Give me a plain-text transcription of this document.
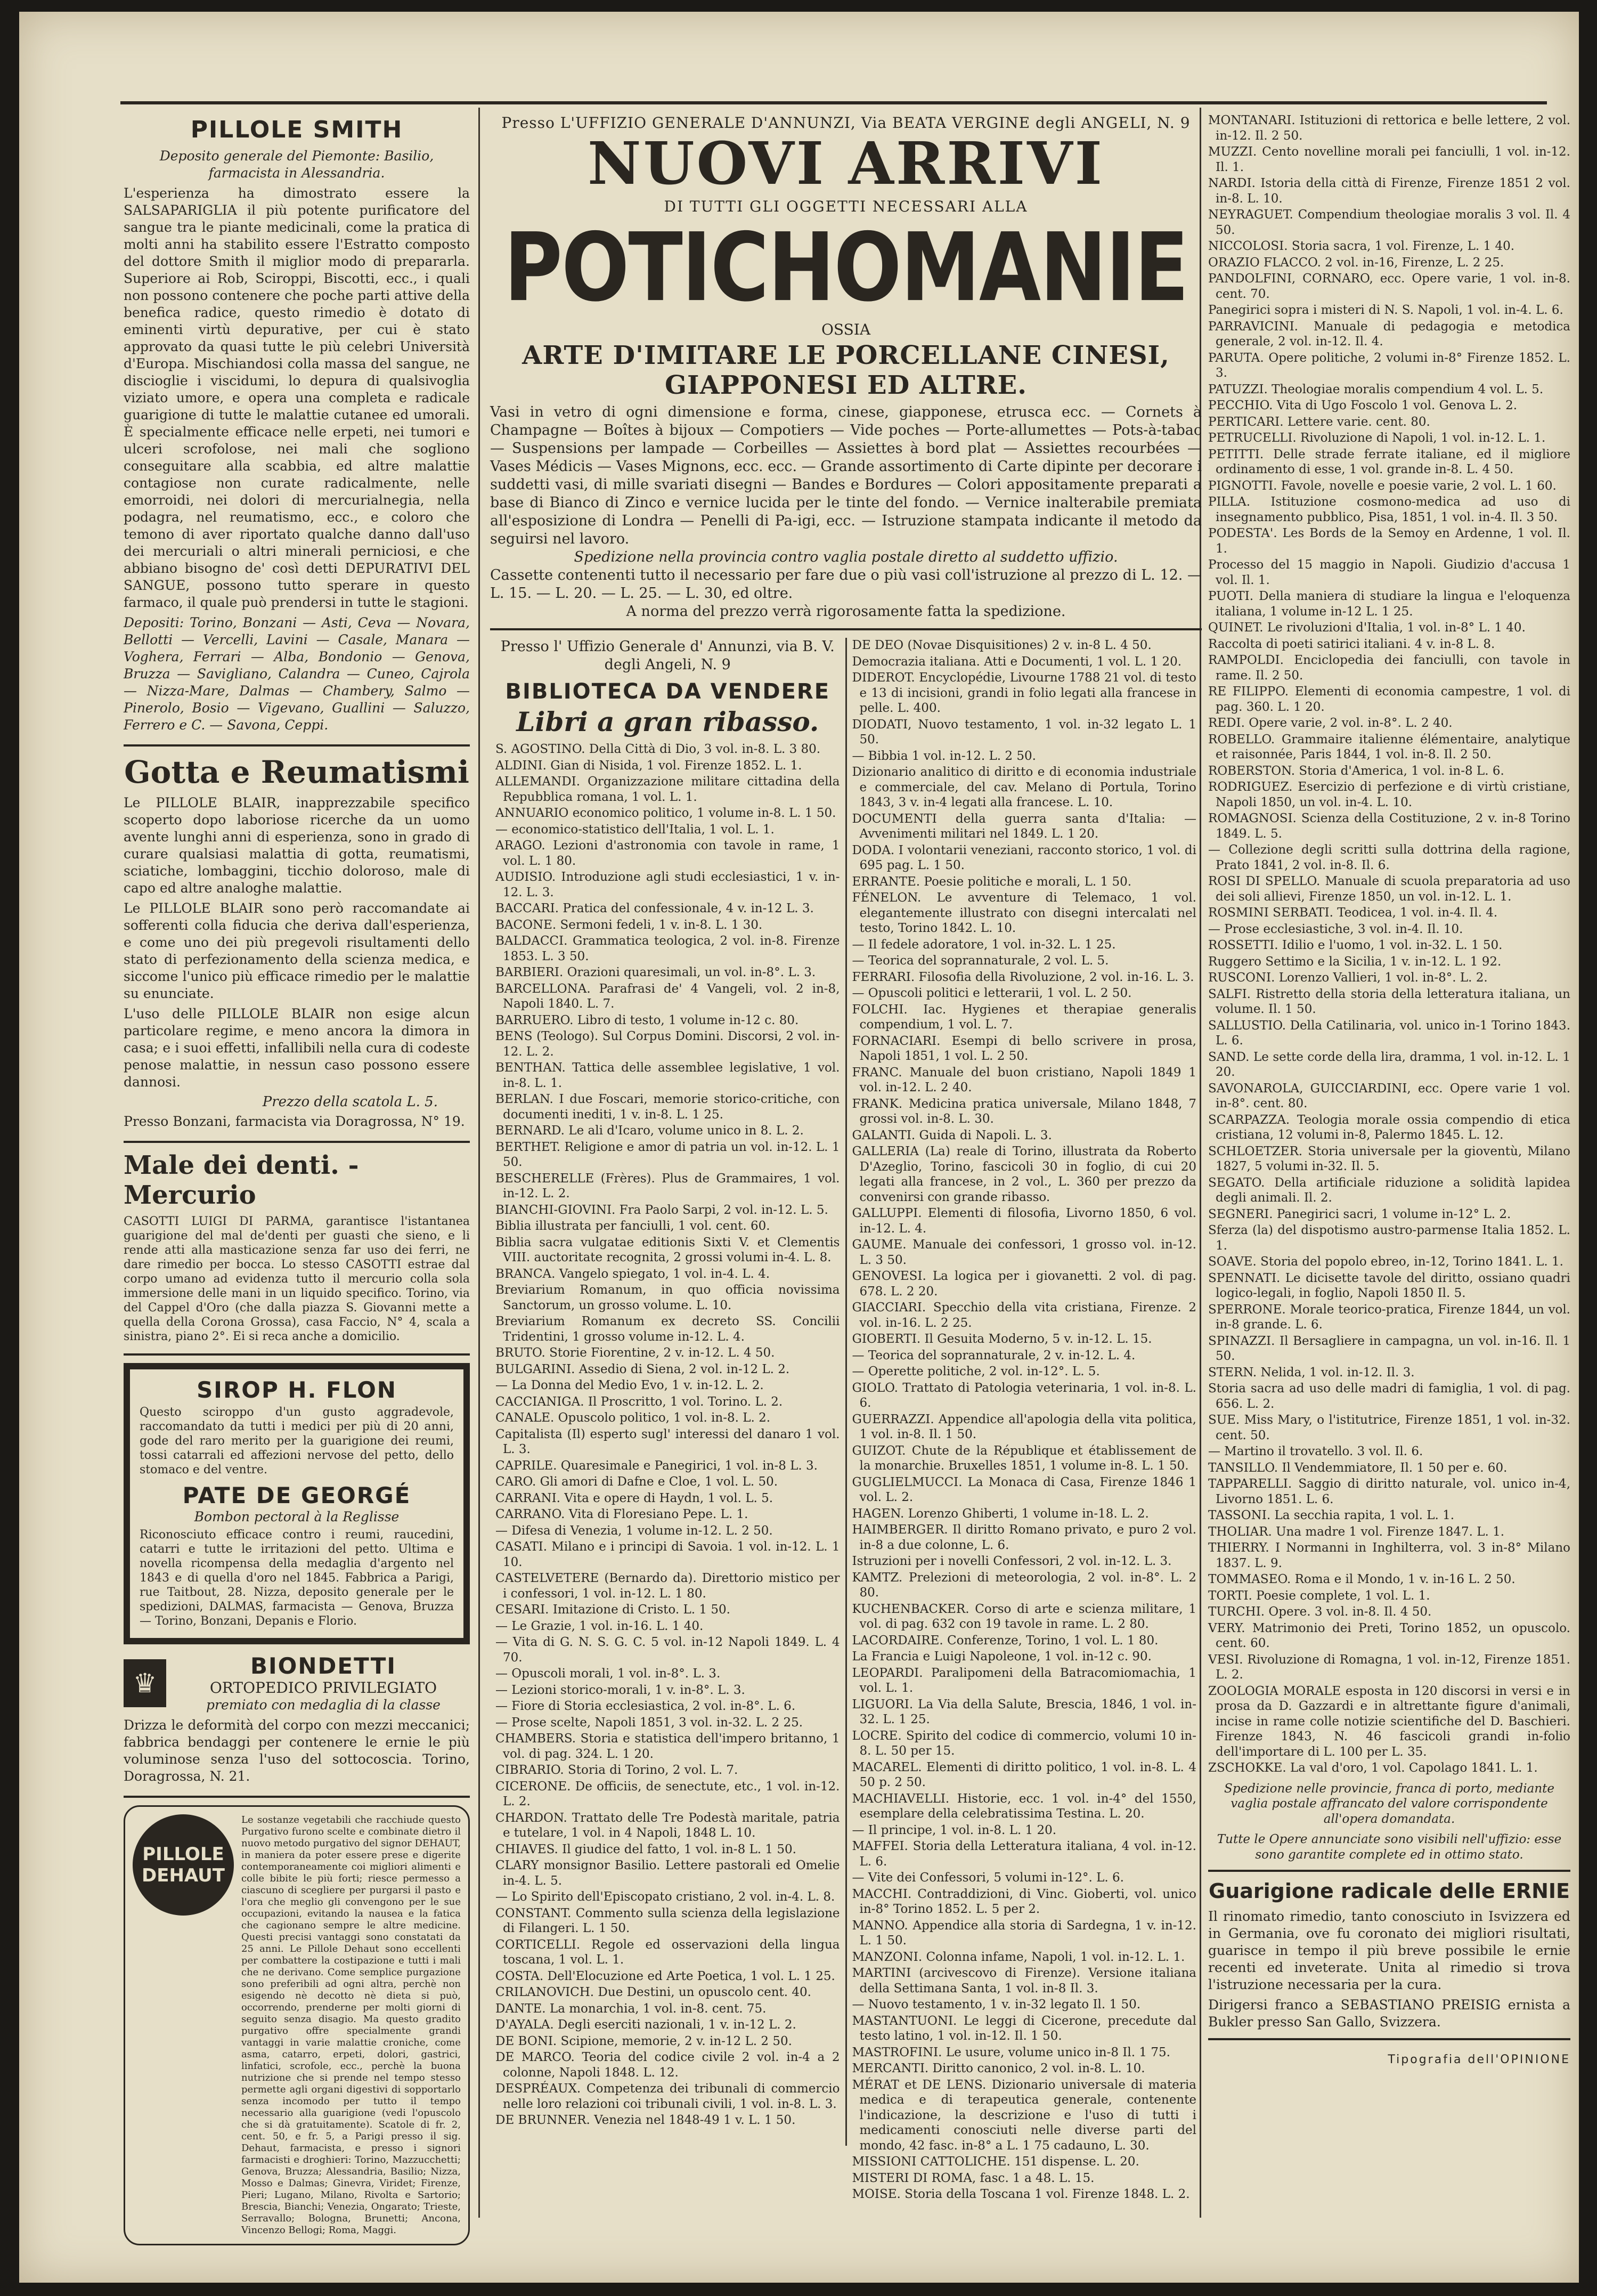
PILLOLE SMITH
Deposito generale del Piemonte: Basilio, farmacista in Alessandria.
L'esperienza ha dimostrato essere la SALSAPARIGLIA il più potente purificatore del sangue tra le piante medicinali, come la pratica di molti anni ha stabilito essere l'Estratto composto del dottore Smith il miglior modo di prepararla. Superiore ai Rob, Sciroppi, Biscotti, ecc., i quali non possono contenere che poche parti attive della benefica radice, questo rimedio è dotato di eminenti virtù depurative, per cui è stato approvato da quasi tutte le più celebri Università d'Europa. Mischiandosi colla massa del sangue, ne discioglie i viscidumi, lo depura di qualsivoglia viziato umore, e opera una completa e radicale guarigione di tutte le malattie cutanee ed umorali. È specialmente efficace nelle erpeti, nei tumori e ulceri scrofolose, nei mali che sogliono conseguitare alla scabbia, ed altre malattie contagiose non curate radicalmente, nelle emorroidi, nei dolori di mercurialnegia, nella podagra, nel reumatismo, ecc., e coloro che temono di aver riportato qualche danno dall'uso dei mercuriali o altri minerali perniciosi, e che abbiano bisogno de' così detti DEPURATIVI DEL SANGUE, possono tutto sperare in questo farmaco, il quale può prendersi in tutte le stagioni.
Depositi: Torino, Bonzani — Asti, Ceva — Novara, Bellotti — Vercelli, Lavini — Casale, Manara — Voghera, Ferrari — Alba, Bondonio — Genova, Bruzza — Savigliano, Calandra — Cuneo, Cajrola — Nizza-Mare, Dalmas — Chambery, Salmo — Pinerolo, Bosio — Vigevano, Guallini — Saluzzo, Ferrero e C. — Savona, Ceppi.
Gotta e Reumatismi
Le PILLOLE BLAIR, inapprezzabile specifico scoperto dopo laboriose ricerche da un uomo avente lunghi anni di esperienza, sono in grado di curare qualsiasi malattia di gotta, reumatismi, sciatiche, lombaggini, ticchio doloroso, male di capo ed altre analoghe malattie.
Le PILLOLE BLAIR sono però raccomandate ai sofferenti colla fiducia che deriva dall'esperienza, e come uno dei più pregevoli risultamenti dello stato di perfezionamento della scienza medica, e siccome l'unico più efficace rimedio per le malattie su enunciate.
L'uso delle PILLOLE BLAIR non esige alcun particolare regime, e meno ancora la dimora in casa; e i suoi effetti, infallibili nella cura di codeste penose malattie, in nessun caso possono essere dannosi.
Prezzo della scatola L. 5.
Presso Bonzani, farmacista via Doragrossa, N° 19.
Male dei denti. - Mercurio
CASOTTI LUIGI DI PARMA, garantisce l'istantanea guarigione del mal de'denti per guasti che sieno, e li rende atti alla masticazione senza far uso dei ferri, ne dare rimedio per bocca. Lo stesso CASOTTI estrae dal corpo umano ad evidenza tutto il mercurio colla sola immersione delle mani in un liquido specifico. Torino, via del Cappel d'Oro (che dalla piazza S. Giovanni mette a quella della Corona Grossa), casa Faccio, N° 4, scala a sinistra, piano 2°. Ei si reca anche a domicilio.
SIROP H. FLON
Questo sciroppo d'un gusto aggradevole, raccomandato da tutti i medici per più di 20 anni, gode del raro merito per la guarigione dei reumi, tossi catarrali ed affezioni nervose del petto, dello stomaco e del ventre.
PATE DE GEORGÉ
Bombon pectoral à la Reglisse
Riconosciuto efficace contro i reumi, raucedini, catarri e tutte le irritazioni del petto. Ultima e novella ricompensa della medaglia d'argento nel 1843 e di quella d'oro nel 1845. Fabbrica a Parigi, rue Taitbout, 28. Nizza, deposito generale per le spedizioni, DALMAS, farmacista — Genova, Bruzza — Torino, Bonzani, Depanis e Florio.
♛
BIONDETTI
ORTOPEDICO PRIVILEGIATO
premiato con medaglia di la classe
Drizza le deformità del corpo con mezzi meccanici; fabbrica bendaggi per contenere le ernie le più voluminose senza l'uso del sottocoscia. Torino, Doragrossa, N. 21.
PILLOLE
DEHAUT
Le sostanze vegetabili che racchiude questo Purgativo furono scelte e combinate dietro il nuovo metodo purgativo del signor DEHAUT, in maniera da poter essere prese e digerite contemporaneamente coi migliori alimenti e colle bibite le più forti; riesce permesso a ciascuno di scegliere per purgarsi il pasto e l'ora che meglio gli convengono per le sue occupazioni, evitando la nausea e la fatica che cagionano sempre le altre medicine. Questi precisi vantaggi sono constatati da 25 anni. Le Pillole Dehaut sono eccellenti per combattere la costipazione e tutti i mali che ne derivano. Come semplice purgazione sono preferibili ad ogni altra, perchè non esigendo nè decotto nè dieta si può, occorrendo, prenderne per molti giorni di seguito senza disagio. Ma questo gradito purgativo offre specialmente grandi vantaggi in varie malattie croniche, come asma, catarro, erpeti, dolori, gastrici, linfatici, scrofole, ecc., perchè la buona nutrizione che si prende nel tempo stesso permette agli organi digestivi di sopportarlo senza incomodo per tutto il tempo necessario alla guarigione (vedi l'opuscolo che si dà gratuitamente). Scatole di fr. 2, cent. 50, e fr. 5, a Parigi presso il sig. Dehaut, farmacista, e presso i signori farmacisti e droghieri: Torino, Mazzucchetti; Genova, Bruzza; Alessandria, Basilio; Nizza, Mosso e Dalmas; Ginevra, Viridet; Firenze, Pieri; Lugano, Milano, Rivolta e Sartorio; Brescia, Bianchi; Venezia, Ongarato; Trieste, Serravallo; Bologna, Brunetti; Ancona, Vincenzo Bellogi; Roma, Maggi.
Presso L'UFFIZIO GENERALE D'ANNUNZI, Via BEATA VERGINE degli ANGELI, N. 9
NUOVI ARRIVI
DI TUTTI GLI OGGETTI NECESSARI ALLA
POTICHOMANIE
OSSIA
ARTE D'IMITARE LE PORCELLANE CINESI, GIAPPONESI ED ALTRE.
Vasi in vetro di ogni dimensione e forma, cinese, giapponese, etrusca ecc. — Cornets à Champagne — Boîtes à bijoux — Compotiers — Vide poches — Porte-allumettes — Pots-à-tabac — Suspensions per lampade — Corbeilles — Assiettes à bord plat — Assiettes recourbées — Vases Médicis — Vases Mignons, ecc. ecc. — Grande assortimento di Carte dipinte per decorare i suddetti vasi, di mille svariati disegni — Bandes e Bordures — Colori appositamente preparati a base di Bianco di Zinco e vernice lucida per le tinte del fondo. — Vernice inalterabile premiata all'esposizione di Londra — Penelli di Pa-igi, ecc. — Istruzione stampata indicante il metodo da seguirsi nel lavoro.
Spedizione nella provincia contro vaglia postale diretto al suddetto uffizio.
Cassette contenenti tutto il necessario per fare due o più vasi coll'istruzione al prezzo di L. 12. — L. 15. — L. 20. — L. 25. — L. 30, ed oltre.
A norma del prezzo verrà rigorosamente fatta la spedizione.
Presso l' Uffizio Generale d' Annunzi, via B. V. degli Angeli, N. 9
BIBLIOTECA DA VENDERE
Libri a gran ribasso.
S. AGOSTINO. Della Città di Dio, 3 vol. in-8. L. 3 80.
ALDINI. Gian di Nisida, 1 vol. Firenze 1852. L. 1.
ALLEMANDI. Organizzazione militare cittadina della Repubblica romana, 1 vol. L. 1.
ANNUARIO economico politico, 1 volume in-8. L. 1 50.
— economico-statistico dell'Italia, 1 vol. L. 1.
ARAGO. Lezioni d'astronomia con tavole in rame, 1 vol. L. 1 80.
AUDISIO. Introduzione agli studi ecclesiastici, 1 v. in-12. L. 3.
BACCARI. Pratica del confessionale, 4 v. in-12 L. 3.
BACONE. Sermoni fedeli, 1 v. in-8. L. 1 30.
BALDACCI. Grammatica teologica, 2 vol. in-8. Firenze 1853. L. 3 50.
BARBIERI. Orazioni quaresimali, un vol. in-8°. L. 3.
BARCELLONA. Parafrasi de' 4 Vangeli, vol. 2 in-8, Napoli 1840. L. 7.
BARRUERO. Libro di testo, 1 volume in-12 c. 80.
BENS (Teologo). Sul Corpus Domini. Discorsi, 2 vol. in-12. L. 2.
BENTHAN. Tattica delle assemblee legislative, 1 vol. in-8. L. 1.
BERLAN. I due Foscari, memorie storico-critiche, con documenti inediti, 1 v. in-8. L. 1 25.
BERNARD. Le ali d'Icaro, volume unico in 8. L. 2.
BERTHET. Religione e amor di patria un vol. in-12. L. 1 50.
BESCHERELLE (Frères). Plus de Grammaires, 1 vol. in-12. L. 2.
BIANCHI-GIOVINI. Fra Paolo Sarpi, 2 vol. in-12. L. 5.
Biblia illustrata per fanciulli, 1 vol. cent. 60.
Biblia sacra vulgatae editionis Sixti V. et Clementis VIII. auctoritate recognita, 2 grossi volumi in-4. L. 8.
BRANCA. Vangelo spiegato, 1 vol. in-4. L. 4.
Breviarium Romanum, in quo officia novissima Sanctorum, un grosso volume. L. 10.
Breviarium Romanum ex decreto SS. Concilii Tridentini, 1 grosso volume in-12. L. 4.
BRUTO. Storie Fiorentine, 2 v. in-12. L. 4 50.
BULGARINI. Assedio di Siena, 2 vol. in-12 L. 2.
— La Donna del Medio Evo, 1 v. in-12. L. 2.
CACCIANIGA. Il Proscritto, 1 vol. Torino. L. 2.
CANALE. Opuscolo politico, 1 vol. in-8. L. 2.
Capitalista (Il) esperto sugl' interessi del danaro 1 vol. L. 3.
CAPRILE. Quaresimale e Panegirici, 1 vol. in-8 L. 3.
CARO. Gli amori di Dafne e Cloe, 1 vol. L. 50.
CARRANI. Vita e opere di Haydn, 1 vol. L. 5.
CARRANO. Vita di Floresiano Pepe. L. 1.
— Difesa di Venezia, 1 volume in-12. L. 2 50.
CASATI. Milano e i principi di Savoia. 1 vol. in-12. L. 1 10.
CASTELVETERE (Bernardo da). Direttorio mistico per i confessori, 1 vol. in-12. L. 1 80.
CESARI. Imitazione di Cristo. L. 1 50.
— Le Grazie, 1 vol. in-16. L. 1 40.
— Vita di G. N. S. G. C. 5 vol. in-12 Napoli 1849. L. 4 70.
— Opuscoli morali, 1 vol. in-8°. L. 3.
— Lezioni storico-morali, 1 v. in-8°. L. 3.
— Fiore di Storia ecclesiastica, 2 vol. in-8°. L. 6.
— Prose scelte, Napoli 1851, 3 vol. in-32. L. 2 25.
CHAMBERS. Storia e statistica dell'impero britanno, 1 vol. di pag. 324. L. 1 20.
CIBRARIO. Storia di Torino, 2 vol. L. 7.
CICERONE. De officiis, de senectute, etc., 1 vol. in-12. L. 2.
CHARDON. Trattato delle Tre Podestà maritale, patria e tutelare, 1 vol. in 4 Napoli, 1848 L. 10.
CHIAVES. Il giudice del fatto, 1 vol. in-8 L. 1 50.
CLARY monsignor Basilio. Lettere pastorali ed Omelie in-4. L. 5.
— Lo Spirito dell'Episcopato cristiano, 2 vol. in-4. L. 8.
CONSTANT. Commento sulla scienza della legislazione di Filangeri. L. 1 50.
CORTICELLI. Regole ed osservazioni della lingua toscana, 1 vol. L. 1.
COSTA. Dell'Elocuzione ed Arte Poetica, 1 vol. L. 1 25.
CRILANOVICH. Due Destini, un opuscolo cent. 40.
DANTE. La monarchia, 1 vol. in-8. cent. 75.
D'AYALA. Degli eserciti nazionali, 1 v. in-12 L. 2.
DE BONI. Scipione, memorie, 2 v. in-12 L. 2 50.
DE MARCO. Teoria del codice civile 2 vol. in-4 a 2 colonne, Napoli 1848. L. 12.
DESPRÉAUX. Competenza dei tribunali di commercio nelle loro relazioni coi tribunali civili, 1 vol. in-8. L. 3.
DE BRUNNER. Venezia nel 1848-49 1 v. L. 1 50.
DE DEO (Novae Disquisitiones) 2 v. in-8 L. 4 50.
Democrazia italiana. Atti e Documenti, 1 vol. L. 1 20.
DIDEROT. Encyclopédie, Livourne 1788 21 vol. di testo e 13 di incisioni, grandi in folio legati alla francese in pelle. L. 400.
DIODATI, Nuovo testamento, 1 vol. in-32 legato L. 1 50.
— Bibbia 1 vol. in-12. L. 2 50.
Dizionario analitico di diritto e di economia industriale e commerciale, del cav. Melano di Portula, Torino 1843, 3 v. in-4 legati alla francese. L. 10.
DOCUMENTI della guerra santa d'Italia: — Avvenimenti militari nel 1849. L. 1 20.
DODA. I volontarii veneziani, racconto storico, 1 vol. di 695 pag. L. 1 50.
ERRANTE. Poesie politiche e morali, L. 1 50.
FÉNELON. Le avventure di Telemaco, 1 vol. elegantemente illustrato con disegni intercalati nel testo, Torino 1842. L. 10.
— Il fedele adoratore, 1 vol. in-32. L. 1 25.
— Teorica del soprannaturale, 2 vol. L. 5.
FERRARI. Filosofia della Rivoluzione, 2 vol. in-16. L. 3.
— Opuscoli politici e letterarii, 1 vol. L. 2 50.
FOLCHI. Iac. Hygienes et therapiae generalis compendium, 1 vol. L. 7.
FORNACIARI. Esempi di bello scrivere in prosa, Napoli 1851, 1 vol. L. 2 50.
FRANC. Manuale del buon cristiano, Napoli 1849 1 vol. in-12. L. 2 40.
FRANK. Medicina pratica universale, Milano 1848, 7 grossi vol. in-8. L. 30.
GALANTI. Guida di Napoli. L. 3.
GALLERIA (La) reale di Torino, illustrata da Roberto D'Azeglio, Torino, fascicoli 30 in foglio, di cui 20 legati alla francese, in 2 vol., L. 360 per prezzo da convenirsi con grande ribasso.
GALLUPPI. Elementi di filosofia, Livorno 1850, 6 vol. in-12. L. 4.
GAUME. Manuale dei confessori, 1 grosso vol. in-12. L. 3 50.
GENOVESI. La logica per i giovanetti. 2 vol. di pag. 678. L. 2 20.
GIACCIARI. Specchio della vita cristiana, Firenze. 2 vol. in-16. L. 2 25.
GIOBERTI. Il Gesuita Moderno, 5 v. in-12. L. 15.
— Teorica del soprannaturale, 2 v. in-12. L. 4.
— Operette politiche, 2 vol. in-12°. L. 5.
GIOLO. Trattato di Patologia veterinaria, 1 vol. in-8. L. 6.
GUERRAZZI. Appendice all'apologia della vita politica, 1 vol. in-8. Il. 1 50.
GUIZOT. Chute de la République et établissement de la monarchie. Bruxelles 1851, 1 volume in-8. L. 1 50.
GUGLIELMUCCI. La Monaca di Casa, Firenze 1846 1 vol. L. 2.
HAGEN. Lorenzo Ghiberti, 1 volume in-18. L. 2.
HAIMBERGER. Il diritto Romano privato, e puro 2 vol. in-8 a due colonne, L. 6.
Istruzioni per i novelli Confessori, 2 vol. in-12. L. 3.
KAMTZ. Prelezioni di meteorologia, 2 vol. in-8°. L. 2 80.
KUCHENBACKER. Corso di arte e scienza militare, 1 vol. di pag. 632 con 19 tavole in rame. L. 2 80.
LACORDAIRE. Conferenze, Torino, 1 vol. L. 1 80.
La Francia e Luigi Napoleone, 1 vol. in-12 c. 90.
LEOPARDI. Paralipomeni della Batracomiomachia, 1 vol. L. 1.
LIGUORI. La Via della Salute, Brescia, 1846, 1 vol. in-32. L. 1 25.
LOCRE. Spirito del codice di commercio, volumi 10 in-8. L. 50 per 15.
MACAREL. Elementi di diritto politico, 1 vol. in-8. L. 4 50 p. 2 50.
MACHIAVELLI. Historie, ecc. 1 vol. in-4° del 1550, esemplare della celebratissima Testina. L. 20.
— Il principe, 1 vol. in-8. L. 1 20.
MAFFEI. Storia della Letteratura italiana, 4 vol. in-12. L. 6.
— Vite dei Confessori, 5 volumi in-12°. L. 6.
MACCHI. Contraddizioni, di Vinc. Gioberti, vol. unico in-8° Torino 1852. L. 5 per 2.
MANNO. Appendice alla storia di Sardegna, 1 v. in-12. L. 1 50.
MANZONI. Colonna infame, Napoli, 1 vol. in-12. L. 1.
MARTINI (arcivescovo di Firenze). Versione italiana della Settimana Santa, 1 vol. in-8 Il. 3.
— Nuovo testamento, 1 v. in-32 legato Il. 1 50.
MASTANTUONI. Le leggi di Cicerone, precedute dal testo latino, 1 vol. in-12. Il. 1 50.
MASTROFINI. Le usure, volume unico in-8 Il. 1 75.
MERCANTI. Diritto canonico, 2 vol. in-8. L. 10.
MÉRAT et DE LENS. Dizionario universale di materia medica e di terapeutica generale, contenente l'indicazione, la descrizione e l'uso di tutti i medicamenti conosciuti nelle diverse parti del mondo, 42 fasc. in-8° a L. 1 75 cadauno, L. 30.
MISSIONI CATTOLICHE. 151 dispense. L. 20.
MISTERI DI ROMA, fasc. 1 a 48. L. 15.
MOISE. Storia della Toscana 1 vol. Firenze 1848. L. 2.
MONTANARI. Istituzioni di rettorica e belle lettere, 2 vol. in-12. Il. 2 50.
MUZZI. Cento novelline morali pei fanciulli, 1 vol. in-12. Il. 1.
NARDI. Istoria della città di Firenze, Firenze 1851 2 vol. in-8. L. 10.
NEYRAGUET. Compendium theologiae moralis 3 vol. Il. 4 50.
NICCOLOSI. Storia sacra, 1 vol. Firenze, L. 1 40.
ORAZIO FLACCO. 2 vol. in-16, Firenze, L. 2 25.
PANDOLFINI, CORNARO, ecc. Opere varie, 1 vol. in-8. cent. 70.
Panegirici sopra i misteri di N. S. Napoli, 1 vol. in-4. L. 6.
PARRAVICINI. Manuale di pedagogia e metodica generale, 2 vol. in-12. Il. 4.
PARUTA. Opere politiche, 2 volumi in-8° Firenze 1852. L. 3.
PATUZZI. Theologiae moralis compendium 4 vol. L. 5.
PECCHIO. Vita di Ugo Foscolo 1 vol. Genova L. 2.
PERTICARI. Lettere varie. cent. 80.
PETRUCELLI. Rivoluzione di Napoli, 1 vol. in-12. L. 1.
PETITTI. Delle strade ferrate italiane, ed il migliore ordinamento di esse, 1 vol. grande in-8. L. 4 50.
PIGNOTTI. Favole, novelle e poesie varie, 2 vol. L. 1 60.
PILLA. Istituzione cosmono-medica ad uso di insegnamento pubblico, Pisa, 1851, 1 vol. in-4. Il. 3 50.
PODESTA'. Les Bords de la Semoy en Ardenne, 1 vol. Il. 1.
Processo del 15 maggio in Napoli. Giudizio d'accusa 1 vol. Il. 1.
PUOTI. Della maniera di studiare la lingua e l'eloquenza italiana, 1 volume in-12 L. 1 25.
QUINET. Le rivoluzioni d'Italia, 1 vol. in-8° L. 1 40.
Raccolta di poeti satirici italiani. 4 v. in-8 L. 8.
RAMPOLDI. Enciclopedia dei fanciulli, con tavole in rame. Il. 2 50.
RE FILIPPO. Elementi di economia campestre, 1 vol. di pag. 360. L. 1 20.
REDI. Opere varie, 2 vol. in-8°. L. 2 40.
ROBELLO. Grammaire italienne élémentaire, analytique et raisonnée, Paris 1844, 1 vol. in-8. Il. 2 50.
ROBERSTON. Storia d'America, 1 vol. in-8 L. 6.
RODRIGUEZ. Esercizio di perfezione e di virtù cristiane, Napoli 1850, un vol. in-4. L. 10.
ROMAGNOSI. Scienza della Costituzione, 2 v. in-8 Torino 1849. L. 5.
— Collezione degli scritti sulla dottrina della ragione, Prato 1841, 2 vol. in-8. Il. 6.
ROSI DI SPELLO. Manuale di scuola preparatoria ad uso dei soli allievi, Firenze 1850, un vol. in-12. L. 1.
ROSMINI SERBATI. Teodicea, 1 vol. in-4. Il. 4.
— Prose ecclesiastiche, 3 vol. in-4. Il. 10.
ROSSETTI. Idilio e l'uomo, 1 vol. in-32. L. 1 50.
Ruggero Settimo e la Sicilia, 1 v. in-12. L. 1 92.
RUSCONI. Lorenzo Vallieri, 1 vol. in-8°. L. 2.
SALFI. Ristretto della storia della letteratura italiana, un volume. Il. 1 50.
SALLUSTIO. Della Catilinaria, vol. unico in-1 Torino 1843. L. 6.
SAND. Le sette corde della lira, dramma, 1 vol. in-12. L. 1 20.
SAVONAROLA, GUICCIARDINI, ecc. Opere varie 1 vol. in-8°. cent. 80.
SCARPAZZA. Teologia morale ossia compendio di etica cristiana, 12 volumi in-8, Palermo 1845. L. 12.
SCHLOETZER. Storia universale per la gioventù, Milano 1827, 5 volumi in-32. Il. 5.
SEGATO. Della artificiale riduzione a solidità lapidea degli animali. Il. 2.
SEGNERI. Panegirici sacri, 1 volume in-12° L. 2.
Sferza (la) del dispotismo austro-parmense Italia 1852. L. 1.
SOAVE. Storia del popolo ebreo, in-12, Torino 1841. L. 1.
SPENNATI. Le dicisette tavole del diritto, ossiano quadri logico-legali, in foglio, Napoli 1850 Il. 5.
SPERRONE. Morale teorico-pratica, Firenze 1844, un vol. in-8 grande. L. 6.
SPINAZZI. Il Bersagliere in campagna, un vol. in-16. Il. 1 50.
STERN. Nelida, 1 vol. in-12. Il. 3.
Storia sacra ad uso delle madri di famiglia, 1 vol. di pag. 656. L. 2.
SUE. Miss Mary, o l'istitutrice, Firenze 1851, 1 vol. in-32. cent. 50.
— Martino il trovatello. 3 vol. Il. 6.
TANSILLO. Il Vendemmiatore, Il. 1 50 per e. 60.
TAPPARELLI. Saggio di diritto naturale, vol. unico in-4, Livorno 1851. L. 6.
TASSONI. La secchia rapita, 1 vol. L. 1.
THOLIAR. Una madre 1 vol. Firenze 1847. L. 1.
THIERRY. I Normanni in Inghilterra, vol. 3 in-8° Milano 1837. L. 9.
TOMMASEO. Roma e il Mondo, 1 v. in-16 L. 2 50.
TORTI. Poesie complete, 1 vol. L. 1.
TURCHI. Opere. 3 vol. in-8. Il. 4 50.
VERY. Matrimonio dei Preti, Torino 1852, un opuscolo. cent. 60.
VESI. Rivoluzione di Romagna, 1 vol. in-12, Firenze 1851. L. 2.
ZOOLOGIA MORALE esposta in 120 discorsi in versi e in prosa da D. Gazzardi e in altrettante figure d'animali, incise in rame colle notizie scientifiche del D. Baschieri. Firenze 1843, N. 46 fascicoli grandi in-folio dell'importare di L. 100 per L. 35.
ZSCHOKKE. La val d'oro, 1 vol. Capolago 1841. L. 1.
Spedizione nelle provincie, franca di porto, mediante vaglia postale affrancato del valore corrispondente all'opera domandata.
Tutte le Opere annunciate sono visibili nell'uffizio: esse sono garantite complete ed in ottimo stato.
Guarigione radicale delle ERNIE
Il rinomato rimedio, tanto conosciuto in Isvizzera ed in Germania, ove fu coronato dei migliori risultati, guarisce in tempo il più breve possibile le ernie recenti ed inveterate. Unita al rimedio si trova l'istruzione necessaria per la cura.
Dirigersi franco a SEBASTIANO PREISIG ernista a Bukler presso San Gallo, Svizzera.
Tipografia dell'OPINIONE
